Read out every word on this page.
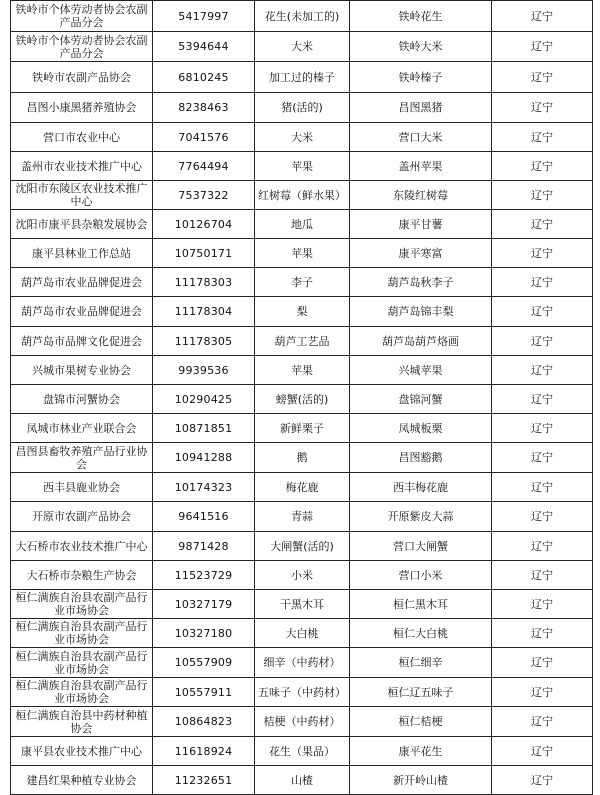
铁岭市个体劳动者协会农副产品分会	5417997	花生(未加工的)	铁岭花生	辽宁
铁岭市个体劳动者协会农副产品分会	5394644	大米	铁岭大米	辽宁
铁岭市农副产品协会	6810245	加工过的榛子	铁岭榛子	辽宁
昌图小康黑猪养殖协会	8238463	猪(活的)	昌图黑猪	辽宁
营口市农业中心	7041576	大米	营口大米	辽宁
盖州市农业技术推广中心	7764494	苹果	盖州苹果	辽宁
沈阳市东陵区农业技术推广中心	7537322	红树莓（鲜水果）	东陵红树莓	辽宁
沈阳市康平县杂粮发展协会	10126704	地瓜	康平甘薯	辽宁
康平县林业工作总站	10750171	苹果	康平寒富	辽宁
葫芦岛市农业品牌促进会	11178303	李子	葫芦岛秋李子	辽宁
葫芦岛市农业品牌促进会	11178304	梨	葫芦岛锦丰梨	辽宁
葫芦岛市品牌文化促进会	11178305	葫芦工艺品	葫芦岛葫芦烙画	辽宁
兴城市果树专业协会	9939536	苹果	兴城苹果	辽宁
盘锦市河蟹协会	10290425	螃蟹(活的)	盘锦河蟹	辽宁
凤城市林业产业联合会	10871851	新鲜栗子	凤城板栗	辽宁
昌图县畜牧养殖产品行业协会	10941288	鹅	昌图豁鹅	辽宁
西丰县鹿业协会	10174323	梅花鹿	西丰梅花鹿	辽宁
开原市农副产品协会	9641516	青蒜	开原紫皮大蒜	辽宁
大石桥市农业技术推广中心	9871428	大闸蟹(活的)	营口大闸蟹	辽宁
大石桥市杂粮生产协会	11523729	小米	营口小米	辽宁
桓仁满族自治县农副产品行业市场协会	10327179	干黑木耳	桓仁黑木耳	辽宁
桓仁满族自治县农副产品行业市场协会	10327180	大白桃	桓仁大白桃	辽宁
桓仁满族自治县农副产品行业市场协会	10557909	细辛（中药材）	桓仁细辛	辽宁
桓仁满族自治县农副产品行业市场协会	10557911	五味子（中药材）	桓仁辽五味子	辽宁
桓仁满族自治县中药材种植协会	10864823	桔梗（中药材）	桓仁桔梗	辽宁
康平县农业技术推广中心	11618924	花生（果品）	康平花生	辽宁
建昌红果种植专业协会	11232651	山楂	新开岭山楂	辽宁
